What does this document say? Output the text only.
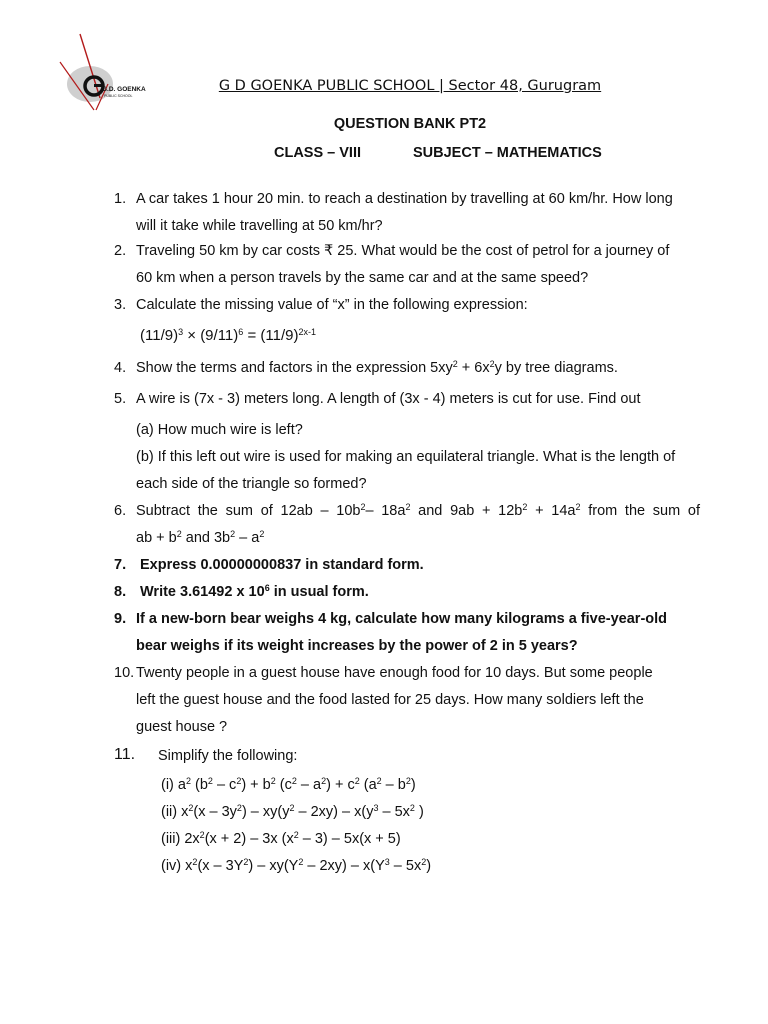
G.D. GOENKA
PUBLIC SCHOOL
G D GOENKA PUBLIC SCHOOL | Sector 48, Gurugram
QUESTION BANK PT2
CLASS – VIII	SUBJECT – MATHEMATICS
1. A car takes 1 hour 20 min. to reach a destination by travelling at 60 km/hr. How long
will it take while travelling at 50 km/hr?
2. Traveling 50 km by car costs ₹ 25. What would be the cost of petrol for a journey of
60 km when a person travels by the same car and at the same speed?
3. Calculate the missing value of “x” in the following expression:
$(11/9)^3 \times (9/11)^6 = (11/9)^{2x-1}$
4. Show the terms and factors in the expression $5xy^2 + 6x^2y$ by tree diagrams.
5. A wire is (7x - 3) meters long. A length of (3x - 4) meters is cut for use. Find out
(a) How much wire is left?
(b) If this left out wire is used for making an equilateral triangle. What is the length of
each side of the triangle so formed?
6. Subtract the sum of $12ab - 10b^2-$ $18a^2$ and $9ab + 12b^2 + 14a^2$ from the sum of
ab + $b^2$ and $3b^2 - a^2$
7. Express 0.00000000837 in standard form.
8. Write 3.61492 x $10^6$ in usual form.
9. If a new-born bear weighs 4 kg, calculate how many kilograms a five-year-old
bear weighs if its weight increases by the power of 2 in 5 years?
10. Twenty people in a guest house have enough food for 10 days. But some people
left the guest house and the food lasted for 25 days. How many soldiers left the
guest house ?
11. Simplify the following:
(i) $a^2$ $(b^2 - c^2) + b^2$ $(c^2 - a^2) + c^2$ $(a^2 - b^2)$
(ii) $x^2(x - 3y^2) - xy(y^2 - 2xy) - x(y^3 - 5x^2$ )
(iii) $2x^2(x + 2) - 3x$ $(x^2 - 3) - 5x(x + 5)$
(iv) $x^2(x - 3Y^2) - xy(Y^2 - 2xy) - x(Y^3 - 5x^2)$
